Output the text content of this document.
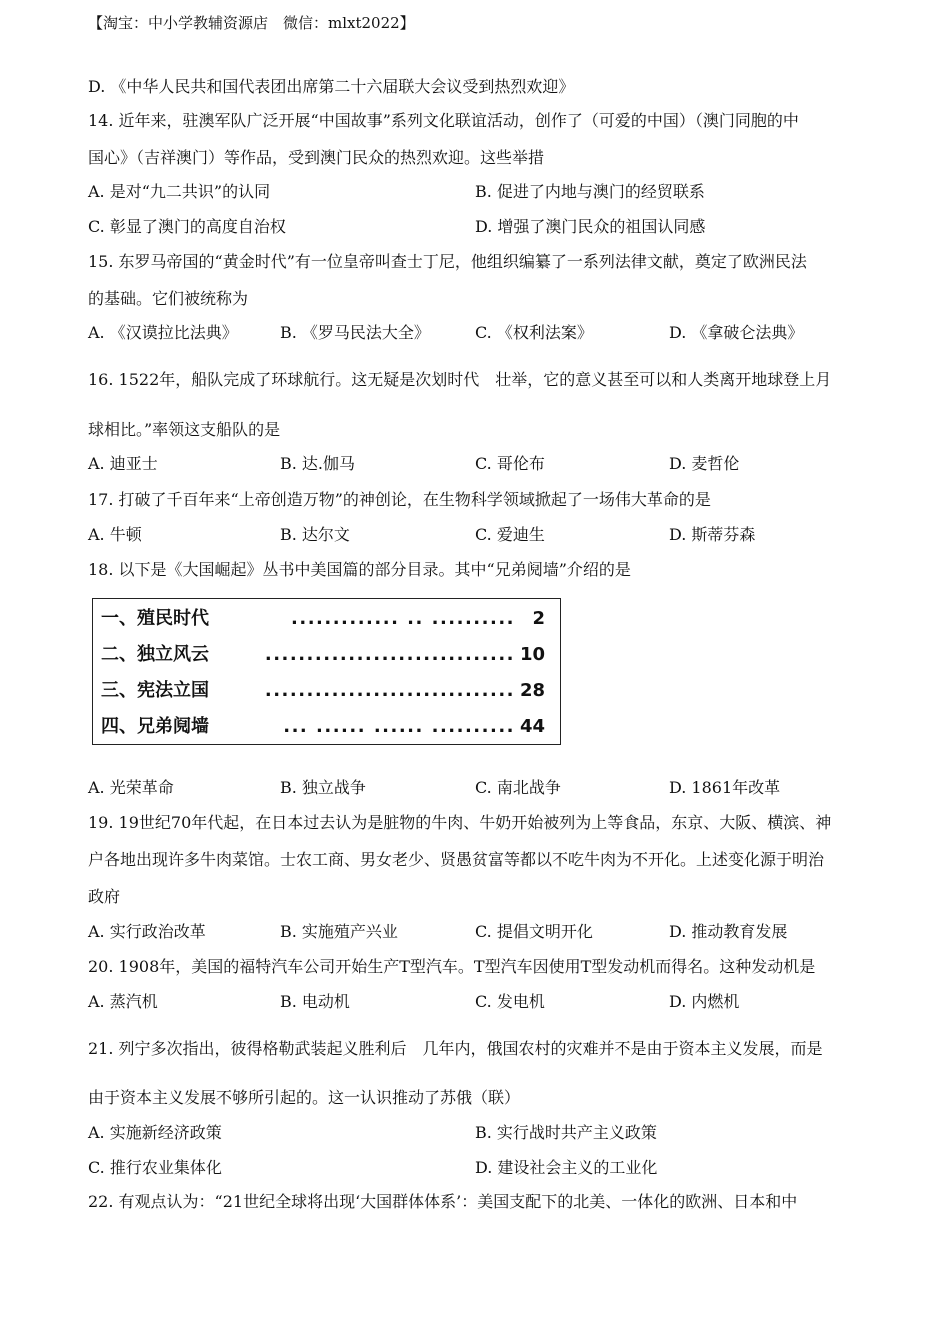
【淘宝：中小学教辅资源店　微信：mlxt2022】
D. 《中华人民共和国代表团出席第二十六届联大会议受到热烈欢迎》
14. 近年来，驻澳军队广泛开展“中国故事”系列文化联谊活动，创作了（可爱的中国）（澳门同胞的中
国心》（吉祥澳门）等作品，受到澳门民众的热烈欢迎。这些举措
A. 是对“九二共识”的认同	B. 促进了内地与澳门的经贸联系
C. 彰显了澳门的高度自治权	D. 增强了澳门民众的祖国认同感
15. 东罗马帝国的“黄金时代”有一位皇帝叫查士丁尼，他组织编纂了一系列法律文献，奠定了欧洲民法
的基础。它们被统称为
A. 《汉谟拉比法典》	B. 《罗马民法大全》	C. 《权利法案》	D. 《拿破仑法典》
16. 1522年，船队完成了环球航行。这无疑是次划时代　壮举，它的意义甚至可以和人类离开地球登上月
球相比。”率领这支船队的是
A. 迪亚士	B. 达.伽马	C. 哥伦布	D. 麦哲伦
17. 打破了千百年来“上帝创造万物”的神创论，在生物科学领域掀起了一场伟大革命的是
A. 牛顿	B. 达尔文	C. 爱迪生	D. 斯蒂芬森
18. 以下是《大国崛起》丛书中美国篇的部分目录。其中“兄弟阋墙”介绍的是
一、殖民时代	............. .. .......... 2
二、独立风云	.............................. 10
三、宪法立国	.............................. 28
四、兄弟阋墙	... ...... ...... .......... 44
A. 光荣革命	B. 独立战争	C. 南北战争	D. 1861年改革
19. 19世纪70年代起，在日本过去认为是脏物的牛肉、牛奶开始被列为上等食品，东京、大阪、横滨、神
户各地出现许多牛肉菜馆。士农工商、男女老少、贤愚贫富等都以不吃牛肉为不开化。上述变化源于明治
政府
A. 实行政治改革	B. 实施殖产兴业	C. 提倡文明开化	D. 推动教育发展
20. 1908年，美国的福特汽车公司开始生产T型汽车。T型汽车因使用T型发动机而得名。这种发动机是
A. 蒸汽机	B. 电动机	C. 发电机	D. 内燃机
21. 列宁多次指出，彼得格勒武装起义胜利后　几年内，俄国农村的灾难并不是由于资本主义发展，而是
由于资本主义发展不够所引起的。这一认识推动了苏俄（联）
A. 实施新经济政策	B. 实行战时共产主义政策
C. 推行农业集体化	D. 建设社会主义的工业化
22. 有观点认为：“21世纪全球将出现‘大国群体体系’：美国支配下的北美、一体化的欧洲、日本和中
